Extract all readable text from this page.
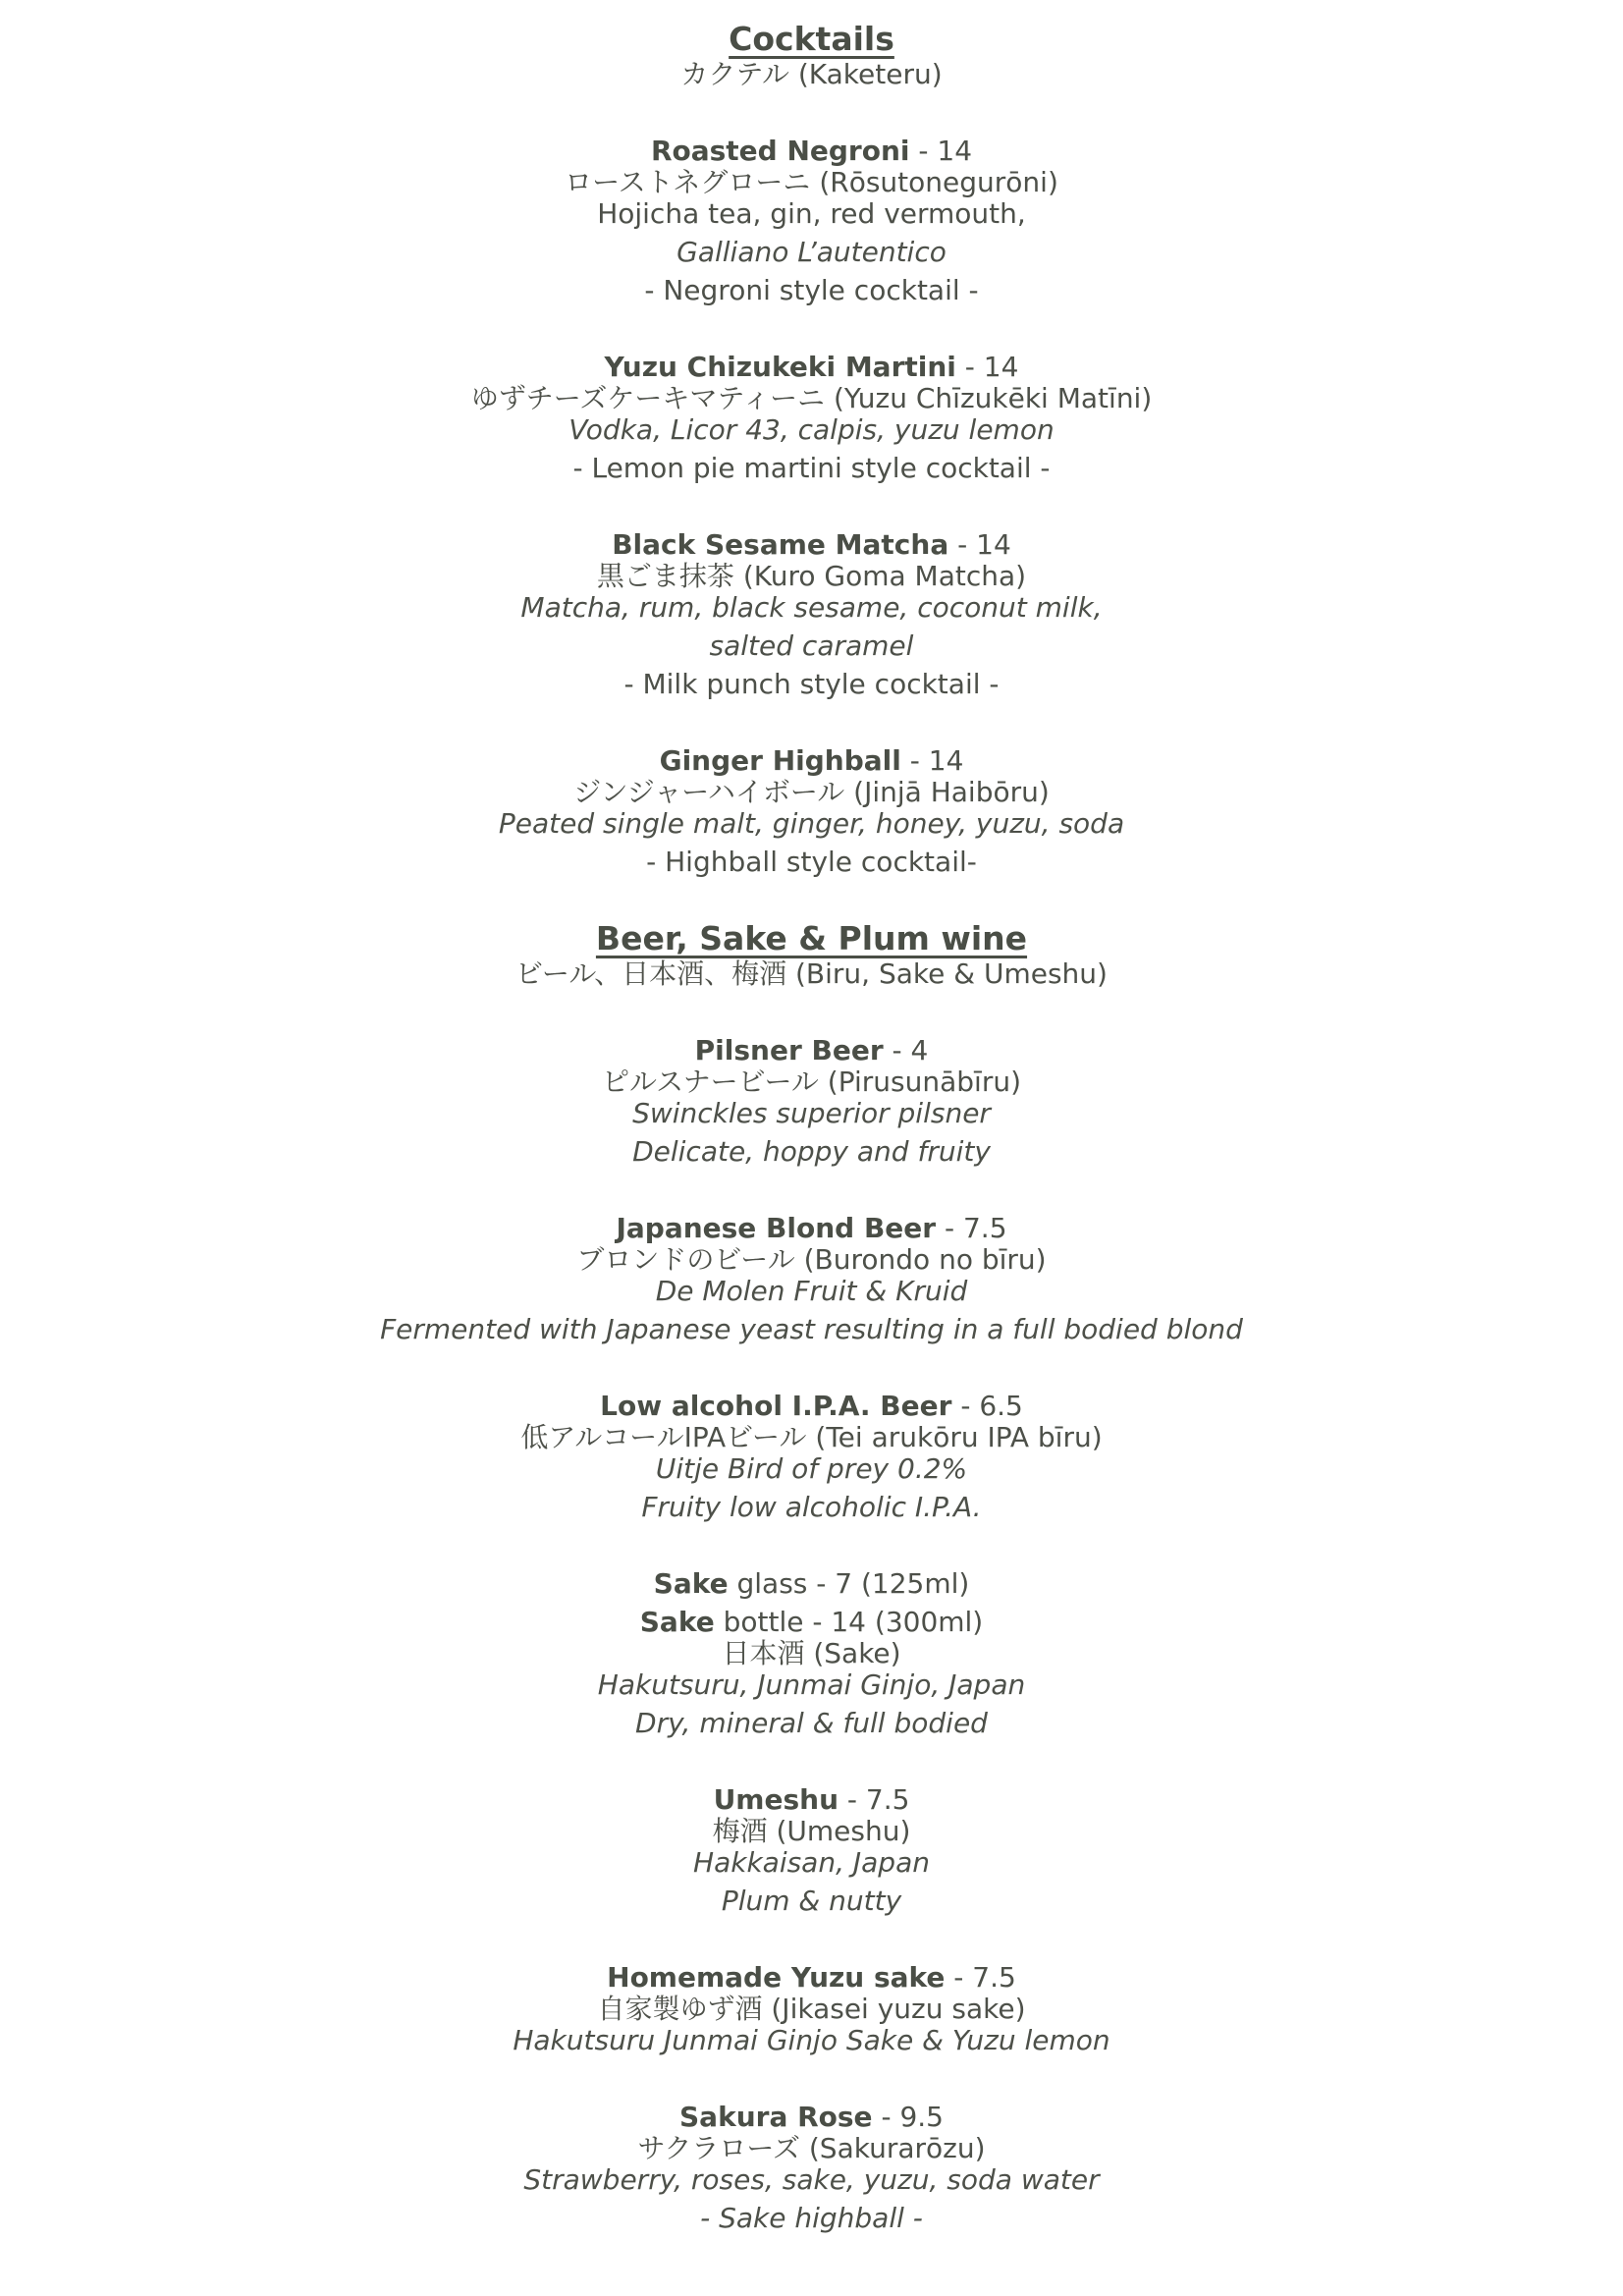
Cocktails
カクテル (Kaketeru)
Roasted Negroni - 14
ローストネグローニ (Rōsutonegurōni)
Hojicha tea, gin, red vermouth,
Galliano L’autentico
- Negroni style cocktail -
Yuzu Chizukeki Martini - 14
ゆずチーズケーキマティーニ (Yuzu Chīzukēki Matīni)
Vodka, Licor 43, calpis, yuzu lemon
- Lemon pie martini style cocktail -
Black Sesame Matcha - 14
黒ごま抹茶 (Kuro Goma Matcha)
Matcha, rum, black sesame, coconut milk,
salted caramel
- Milk punch style cocktail -
Ginger Highball - 14
ジンジャーハイボール (Jinjā Haibōru)
Peated single malt, ginger, honey, yuzu, soda
- Highball style cocktail-
Beer, Sake & Plum wine
ビール、日本酒、梅酒 (Biru, Sake & Umeshu)
Pilsner Beer - 4
ピルスナービール (Pirusunābīru)
Swinckles superior pilsner
Delicate, hoppy and fruity
Japanese Blond Beer - 7.5
ブロンドのビール (Burondo no bīru)
De Molen Fruit & Kruid
Fermented with Japanese yeast resulting in a full bodied blond
Low alcohol I.P.A. Beer - 6.5
低アルコールIPAビール (Tei arukōru IPA bīru)
Uitje Bird of prey 0.2%
Fruity low alcoholic I.P.A.
Sake glass - 7 (125ml)
Sake bottle - 14 (300ml)
日本酒 (Sake)
Hakutsuru, Junmai Ginjo, Japan
Dry, mineral & full bodied
Umeshu - 7.5
梅酒 (Umeshu)
Hakkaisan, Japan
Plum & nutty
Homemade Yuzu sake - 7.5
自家製ゆず酒 (Jikasei yuzu sake)
Hakutsuru Junmai Ginjo Sake & Yuzu lemon
Sakura Rose - 9.5
サクラローズ (Sakurarōzu)
Strawberry, roses, sake, yuzu, soda water
- Sake highball -
